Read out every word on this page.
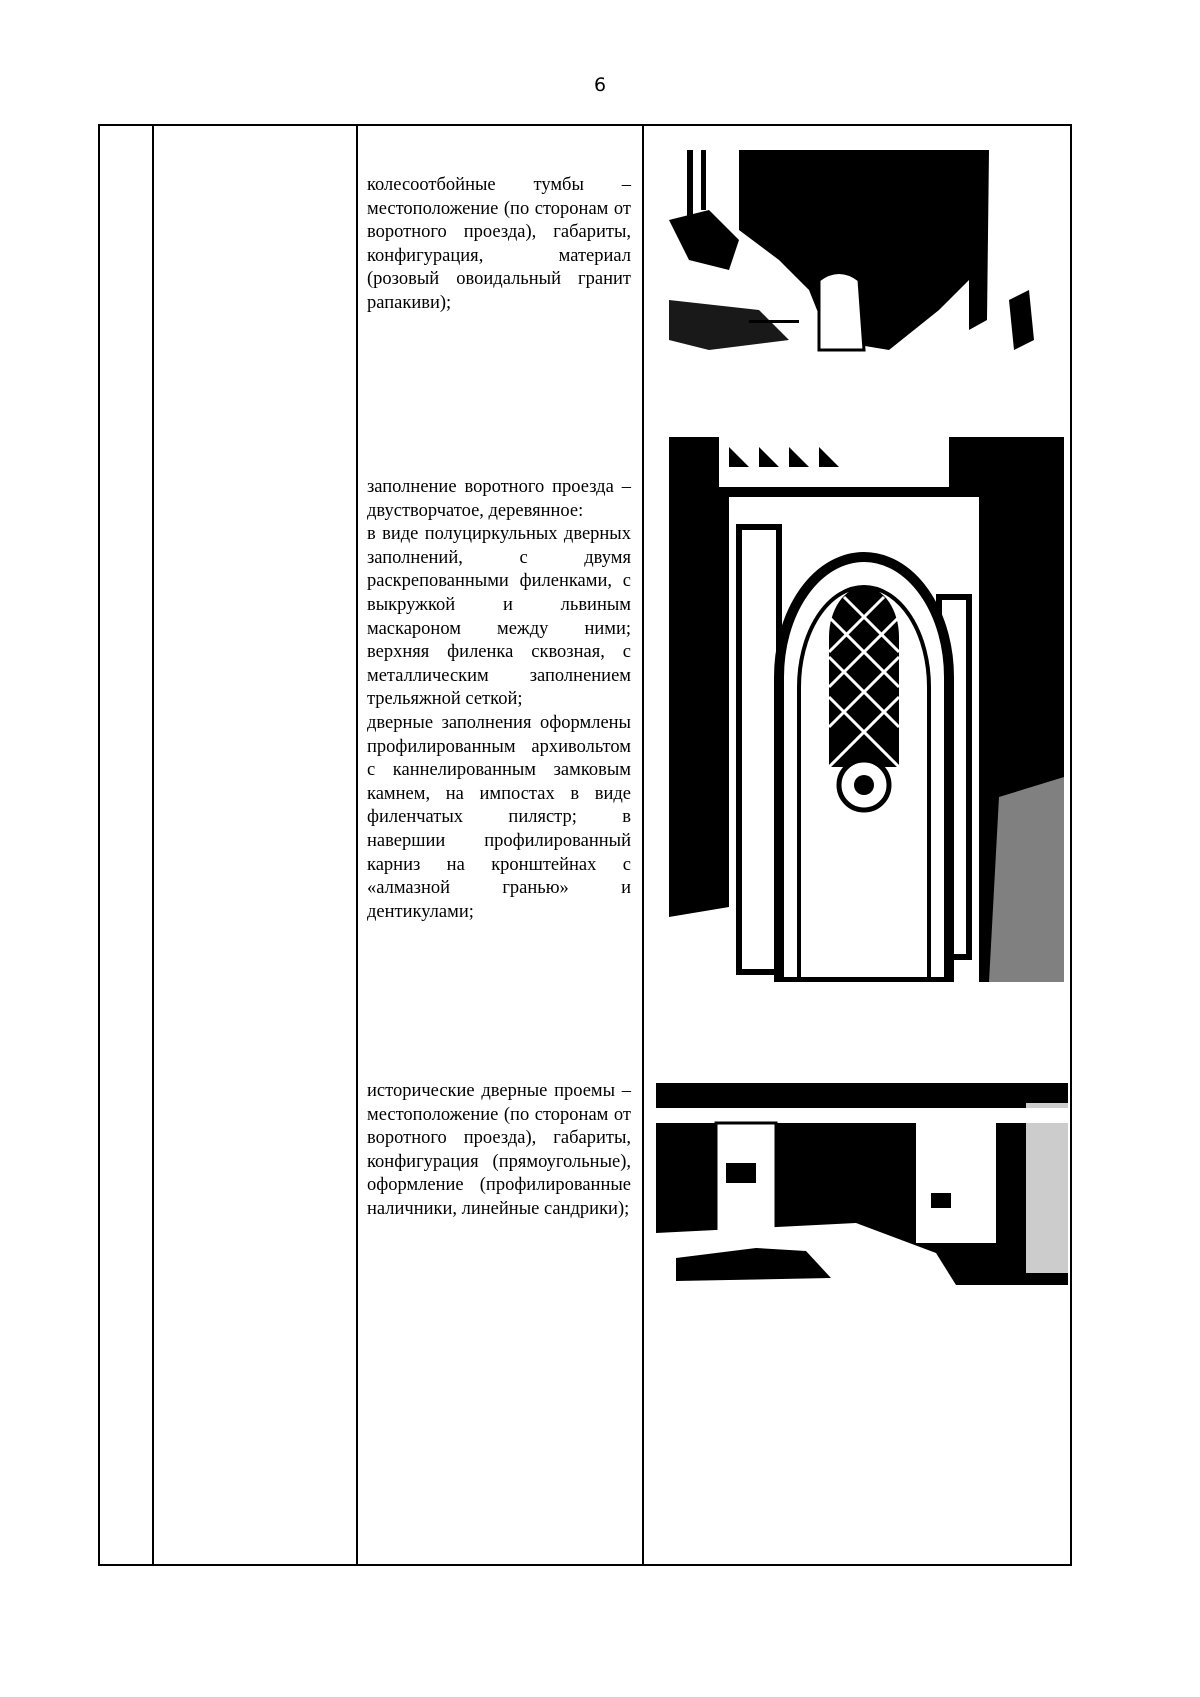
6

колесоотбойные тумбы – местоположение (по сторонам от воротного проезда), габариты, конфигурация, материал (розовый овоидальный гранит рапакиви);

заполнение воротного проезда – двустворчатое, деревянное:

в виде полуциркульных дверных заполнений, с двумя раскрепованными филенками, с выкружкой и львиным маскароном между ними; верхняя филенка сквозная, с металлическим заполнением трельяжной сеткой;

дверные заполнения оформлены профилированным архивольтом с каннелированным замковым камнем, на импостах в виде филенчатых пилястр; в навершии профилированный карниз на кронштейнах с «алмазной гранью» и дентикулами;

исторические дверные проемы – местоположение (по сторонам от воротного проезда), габариты, конфигурация (прямоугольные), оформление (профилированные наличники, линейные сандрики);
